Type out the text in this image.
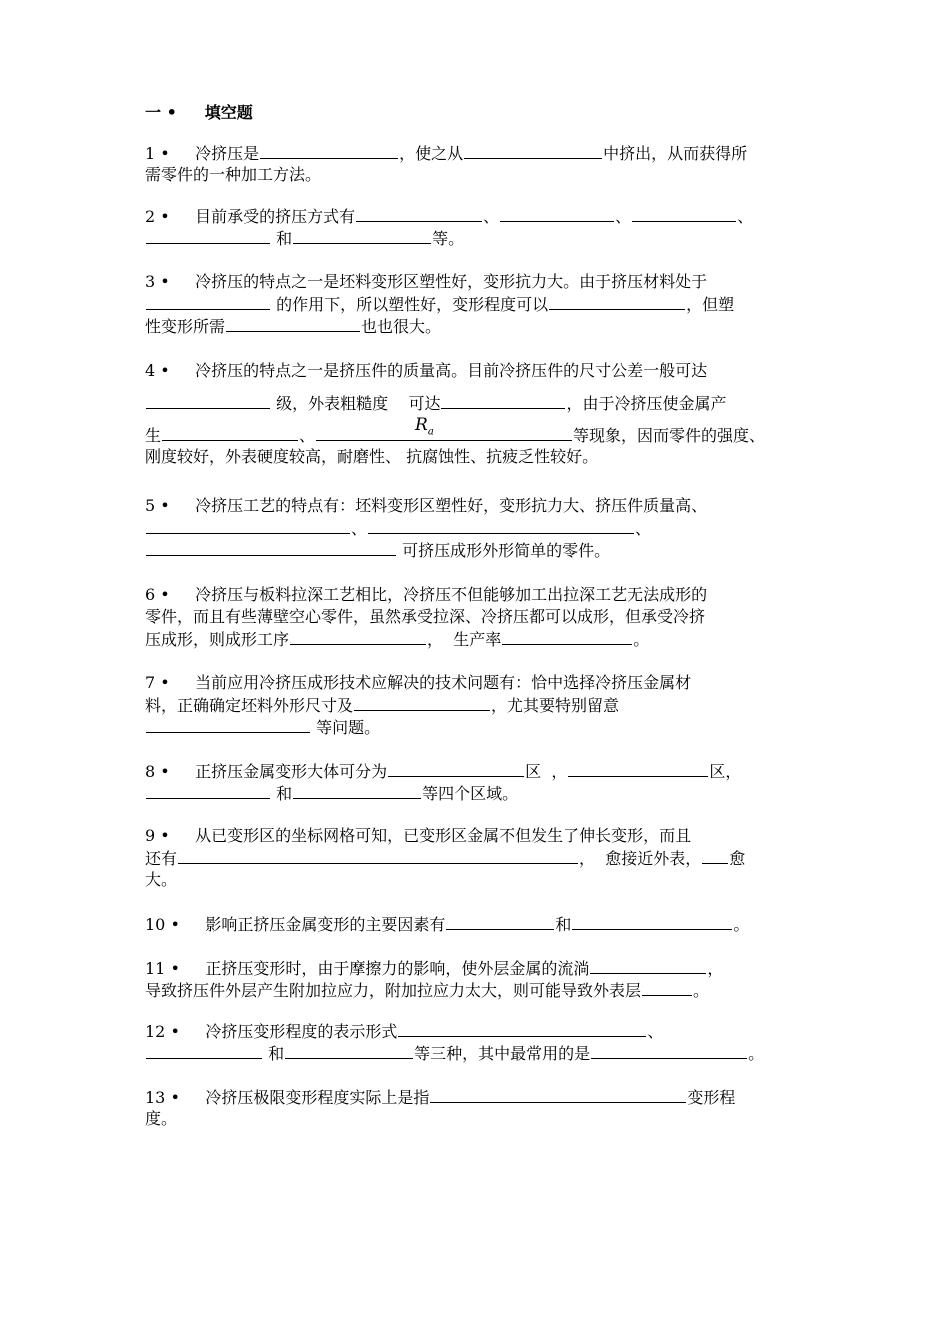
一 • 填空题
1 • 冷挤压是	，使之从	中挤出，从而获得所
需零件的一种加工方法。
2 • 目前承受的挤压方式有	、	、	、
和	等。
3 • 冷挤压的特点之一是坯料变形区塑性好，变形抗力大。由于挤压材料处于
的作用下，所以塑性好，变形程度可以	，但塑
性变形所需	也也很大。
4 • 冷挤压的特点之一是挤压件的质量高。目前冷挤压件的尺寸公差一般可达
级，外表粗糙度 可达	，由于冷挤压使金属产
生	、	等现象，因而零件的强度、
$R_a$
刚度较好，外表硬度较高，耐磨性、 抗腐蚀性、抗疲乏性较好。
5 • 冷挤压工艺的特点有：坯料变形区塑性好，变形抗力大、挤压件质量高、
、	、
可挤压成形外形简单的零件。
6 • 冷挤压与板料拉深工艺相比，冷挤压不但能够加工出拉深工艺无法成形的
零件，而且有些薄壁空心零件，虽然承受拉深、冷挤压都可以成形，但承受冷挤
压成形，则成形工序	，  生产率	。
7 • 当前应用冷挤压成形技术应解决的技术问题有：恰中选择冷挤压金属材
料，正确确定坯料外形尺寸及	，尤其要特别留意
等问题。
8 • 正挤压金属变形大体可分为	区  ，	区，
和	等四个区域。
9 • 从已变形区的坐标网格可知，已变形区金属不但发生了伸长变形，而且
还有	，  愈接近外表， 愈
大。
10 • 影响正挤压金属变形的主要因素有	和	。
11 • 正挤压变形时，由于摩擦力的影响，使外层金属的流淌	，
导致挤压件外层产生附加拉应力，附加拉应力太大，则可能导致外表层	。
12 • 冷挤压变形程度的表示形式	、
和	等三种，其中最常用的是	。
13 • 冷挤压极限变形程度实际上是指	变形程
度。
